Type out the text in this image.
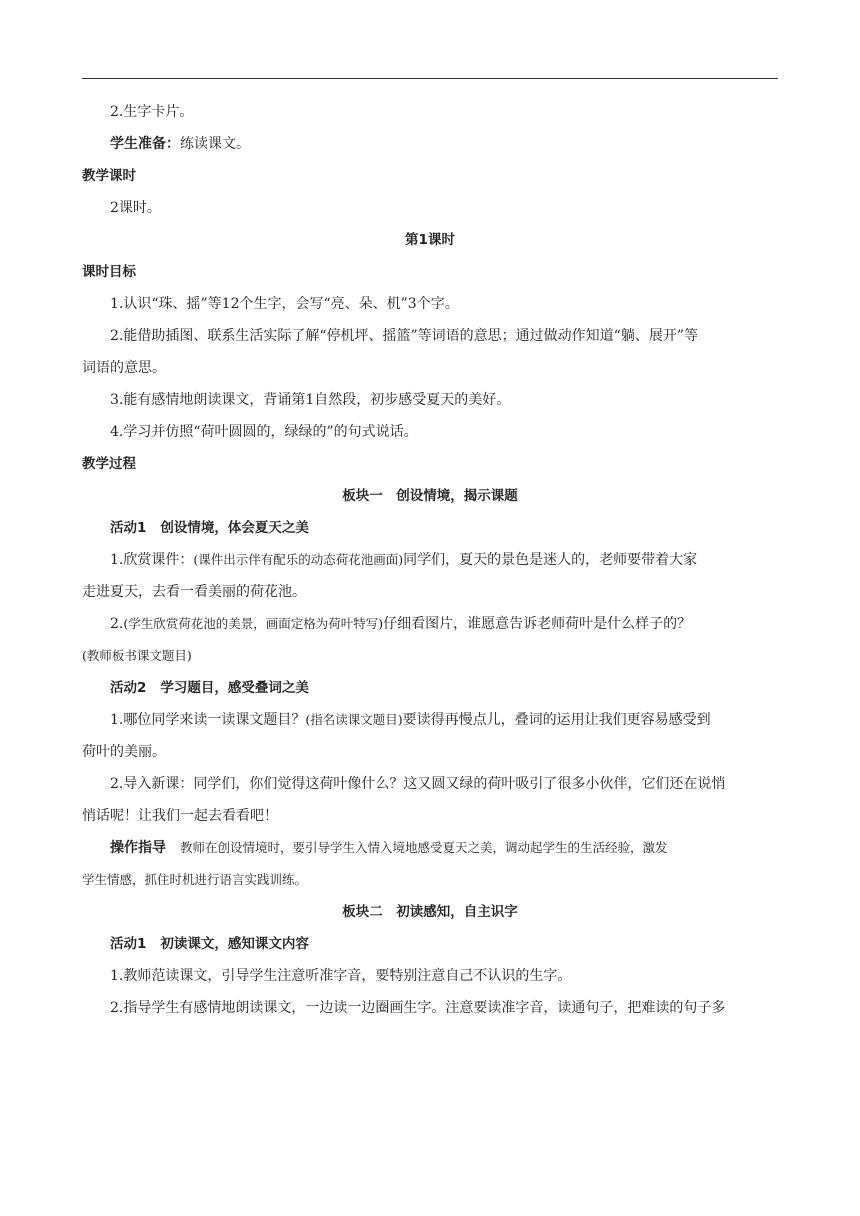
2.生字卡片。
学生准备：练读课文。
教学课时
2课时。
第1课时
课时目标
1.认识“珠、摇”等12个生字，会写“亮、朵、机”3个字。
2.能借助插图、联系生活实际了解“停机坪、摇篮”等词语的意思；通过做动作知道“躺、展开”等
词语的意思。
3.能有感情地朗读课文，背诵第1自然段，初步感受夏天的美好。
4.学习并仿照“荷叶圆圆的，绿绿的”的句式说话。
教学过程
板块一　创设情境，揭示课题
活动1 创设情境，体会夏天之美
1.欣赏课件：(课件出示伴有配乐的动态荷花池画面)同学们，夏天的景色是迷人的，老师要带着大家
走进夏天，去看一看美丽的荷花池。
2.(学生欣赏荷花池的美景，画面定格为荷叶特写)仔细看图片，谁愿意告诉老师荷叶是什么样子的？
(教师板书课文题目)
活动2 学习题目，感受叠词之美
1.哪位同学来读一读课文题目？(指名读课文题目)要读得再慢点儿，叠词的运用让我们更容易感受到
荷叶的美丽。
2.导入新课：同学们，你们觉得这荷叶像什么？这又圆又绿的荷叶吸引了很多小伙伴，它们还在说悄
悄话呢！让我们一起去看看吧！
操作指导 教师在创设情境时，要引导学生入情入境地感受夏天之美，调动起学生的生活经验，激发
学生情感，抓住时机进行语言实践训练。
板块二　初读感知，自主识字
活动1 初读课文，感知课文内容
1.教师范读课文，引导学生注意听准字音，要特别注意自己不认识的生字。
2.指导学生有感情地朗读课文，一边读一边圈画生字。注意要读准字音，读通句子，把难读的句子多
